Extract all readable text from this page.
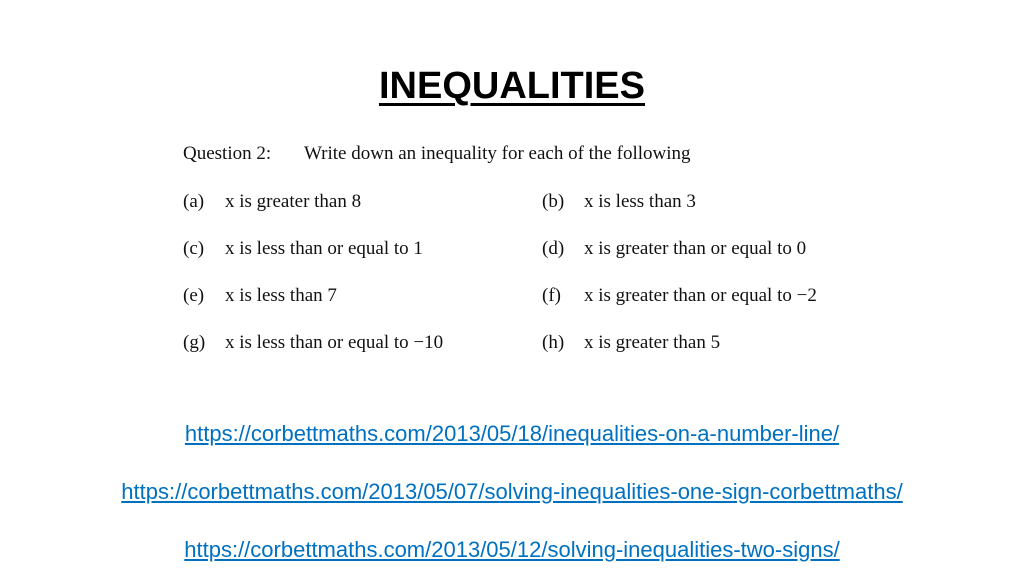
INEQUALITIES
Question 2: Write down an inequality for each of the following
(a) x is greater than 8	(b) x is less than 3
(c) x is less than or equal to 1	(d) x is greater than or equal to 0
(e) x is less than 7	(f) x is greater than or equal to −2
(g) x is less than or equal to −10	(h) x is greater than 5
https://corbettmaths.com/2013/05/18/inequalities-on-a-number-line/
https://corbettmaths.com/2013/05/07/solving-inequalities-one-sign-corbettmaths/
https://corbettmaths.com/2013/05/12/solving-inequalities-two-signs/
